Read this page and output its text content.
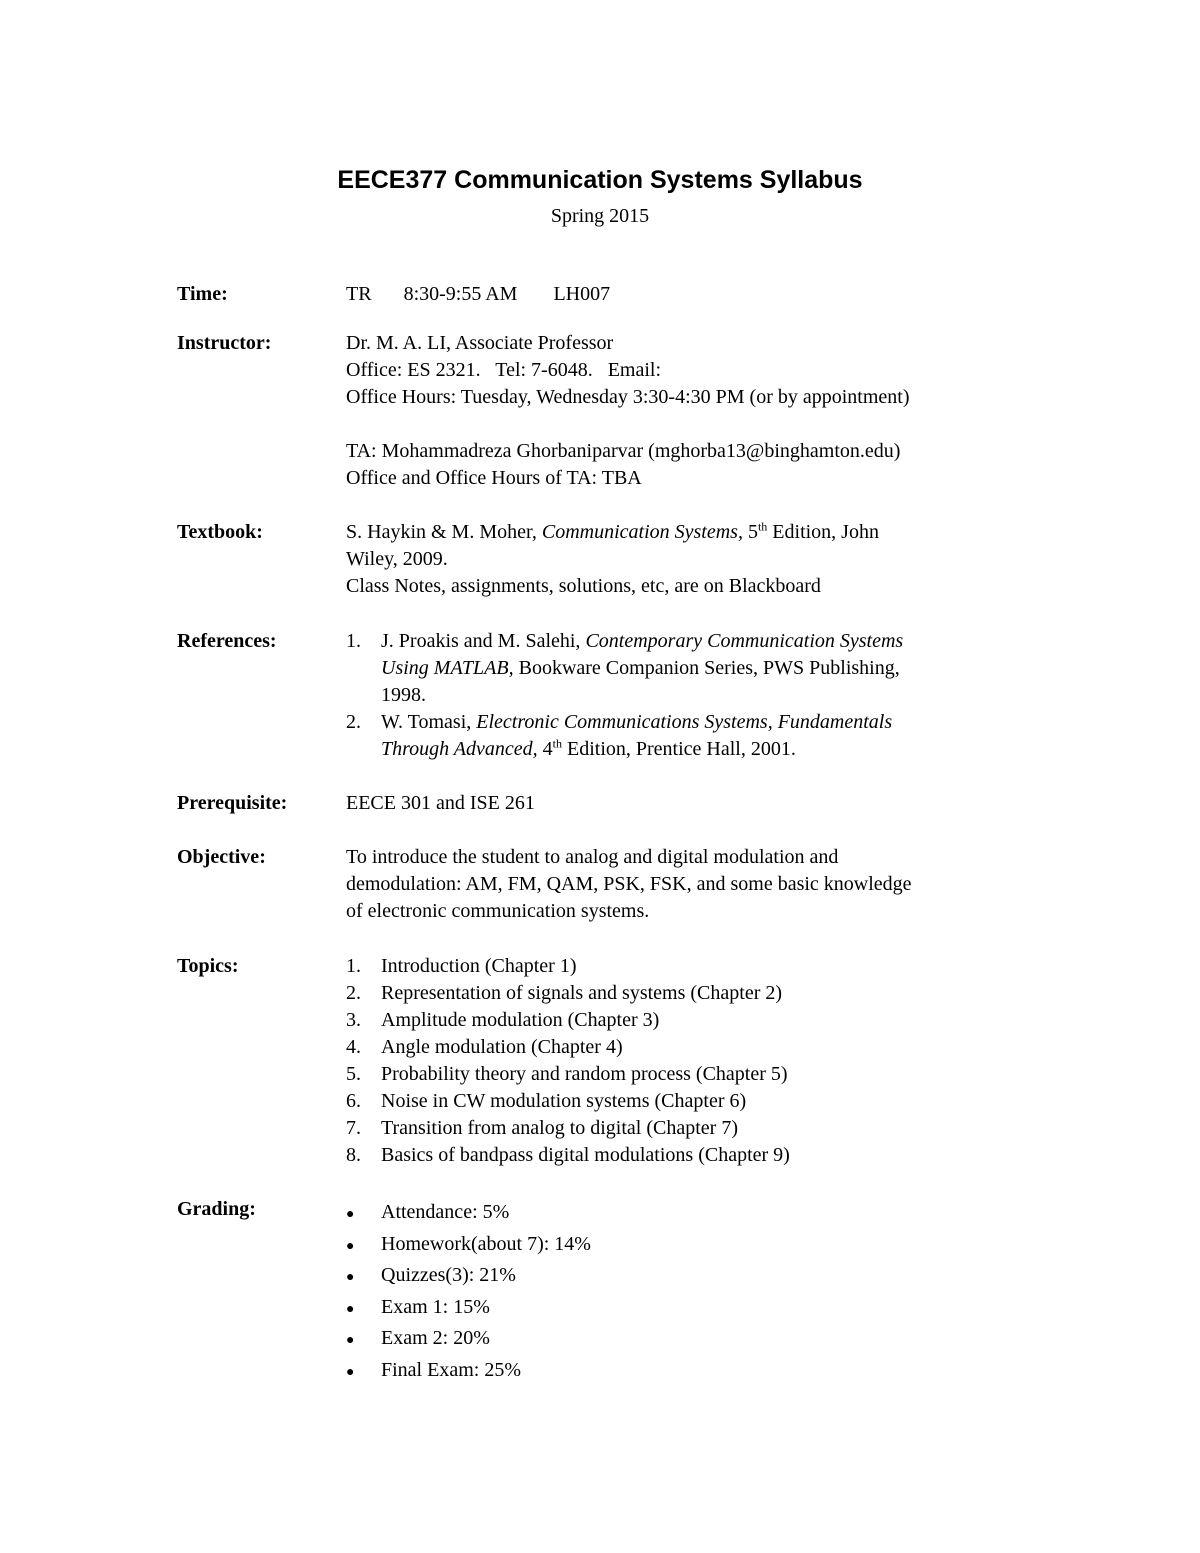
EECE377 Communication Systems Syllabus
Spring 2015
Time:	TR 8:30-9:55 AM LH007
Instructor:	Dr. M. A. LI, Associate Professor
Office: ES 2321.   Tel: 7-6048.   Email:
Office Hours: Tuesday, Wednesday 3:30-4:30 PM (or by appointment)
TA: Mohammadreza Ghorbaniparvar (mghorba13@binghamton.edu)
Office and Office Hours of TA: TBA
Textbook:	S. Haykin & M. Moher, Communication Systems, 5th Edition, John
Wiley, 2009.
Class Notes, assignments, solutions, etc, are on Blackboard
References:	1. J. Proakis and M. Salehi, Contemporary Communication Systems
Using MATLAB, Bookware Companion Series, PWS Publishing,
1998.
2. W. Tomasi, Electronic Communications Systems, Fundamentals
Through Advanced, 4th Edition, Prentice Hall, 2001.
Prerequisite:	EECE 301 and ISE 261
Objective:	To introduce the student to analog and digital modulation and
demodulation: AM, FM, QAM, PSK, FSK, and some basic knowledge
of electronic communication systems.
Topics:	1. Introduction (Chapter 1)
2. Representation of signals and systems (Chapter 2)
3. Amplitude modulation (Chapter 3)
4. Angle modulation (Chapter 4)
5. Probability theory and random process (Chapter 5)
6. Noise in CW modulation systems (Chapter 6)
7. Transition from analog to digital (Chapter 7)
8. Basics of bandpass digital modulations (Chapter 9)
Grading:	● Attendance: 5%
● Homework(about 7): 14%
● Quizzes(3): 21%
● Exam 1: 15%
● Exam 2: 20%
● Final Exam: 25%
